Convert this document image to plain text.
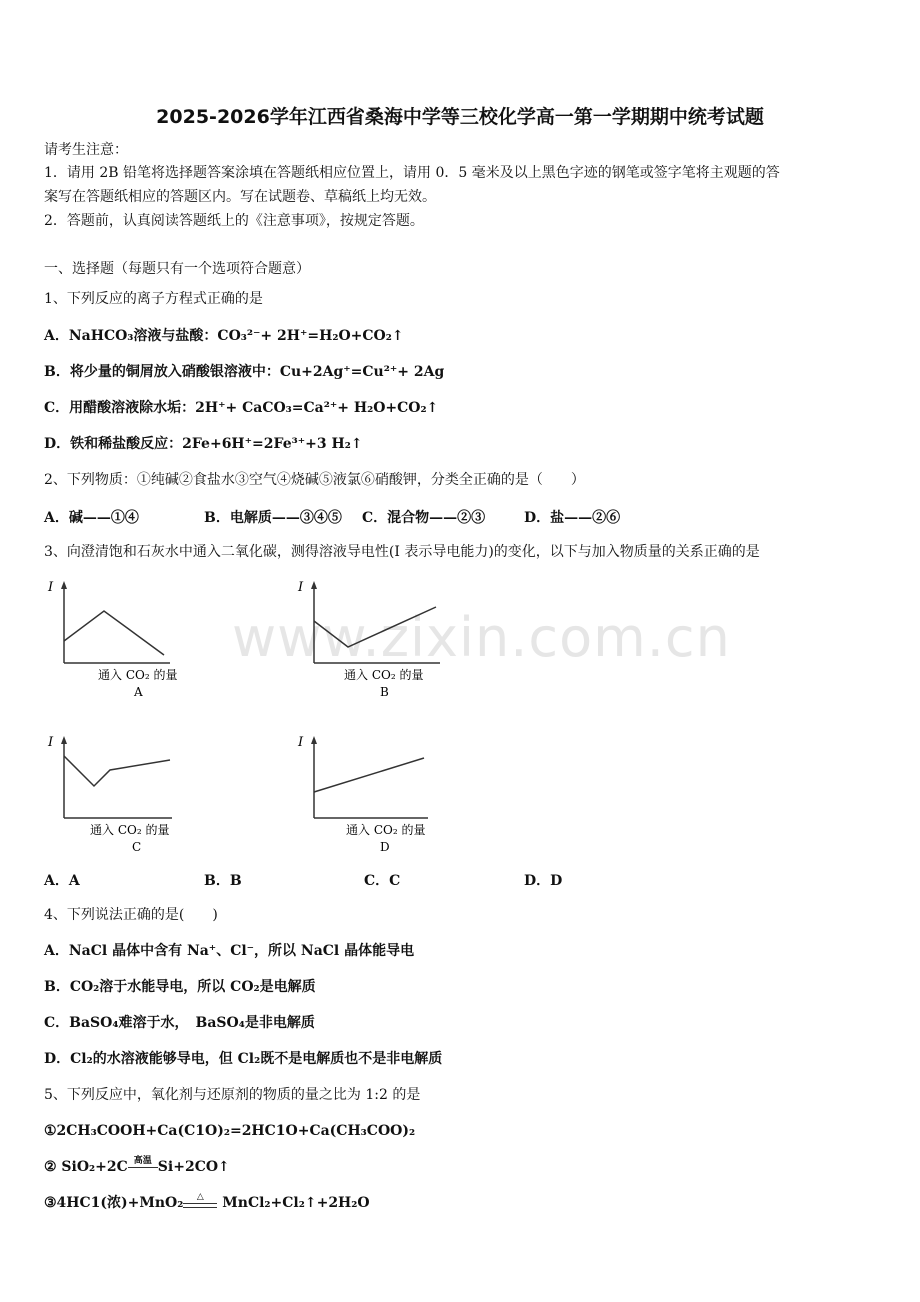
www.zixin.com.cn
2025-2026学年江西省桑海中学等三校化学高一第一学期期中统考试题
请考生注意：
1．请用 2B 铅笔将选择题答案涂填在答题纸相应位置上，请用 0．5 毫米及以上黑色字迹的钢笔或签字笔将主观题的答
案写在答题纸相应的答题区内。写在试题卷、草稿纸上均无效。
2．答题前，认真阅读答题纸上的《注意事项》，按规定答题。
一、选择题（每题只有一个选项符合题意）
1、下列反应的离子方程式正确的是
A．NaHCO₃溶液与盐酸：CO₃²⁻+ 2H⁺=H₂O+CO₂↑
B．将少量的铜屑放入硝酸银溶液中：Cu+2Ag⁺=Cu²⁺+ 2Ag
C．用醋酸溶液除水垢：2H⁺+ CaCO₃=Ca²⁺+ H₂O+CO₂↑
D．铁和稀盐酸反应：2Fe+6H⁺=2Fe³⁺+3 H₂↑
2、下列物质：①纯碱②食盐水③空气④烧碱⑤液氯⑥硝酸钾，分类全正确的是（　　）
A．碱——①④	B．电解质——③④⑤ C．混合物——②③	D．盐——②⑥
3、向澄清饱和石灰水中通入二氧化碳，测得溶液导电性(I 表示导电能力)的变化，以下与加入物质量的关系正确的是
I
通入 CO₂ 的量
A
I
通入 CO₂ 的量
B
I
通入 CO₂ 的量
C
I
通入 CO₂ 的量
D
A．A	B．B	C．C	D．D
4、下列说法正确的是(　　)
A．NaCl 晶体中含有 Na⁺、Cl⁻，所以 NaCl 晶体能导电
B．CO₂溶于水能导电，所以 CO₂是电解质
C．BaSO₄难溶于水，　BaSO₄是非电解质
D．Cl₂的水溶液能够导电，但 Cl₂既不是电解质也不是非电解质
5、下列反应中，氧化剂与还原剂的物质的量之比为 1:2 的是
①2CH₃COOH+Ca(C1O)₂=2HC1O+Ca(CH₃COO)₂
② SiO₂+2C 高温 Si+2CO↑
③4HC1(浓)+MnO₂	△ MnCl₂+Cl₂↑+2H₂O
